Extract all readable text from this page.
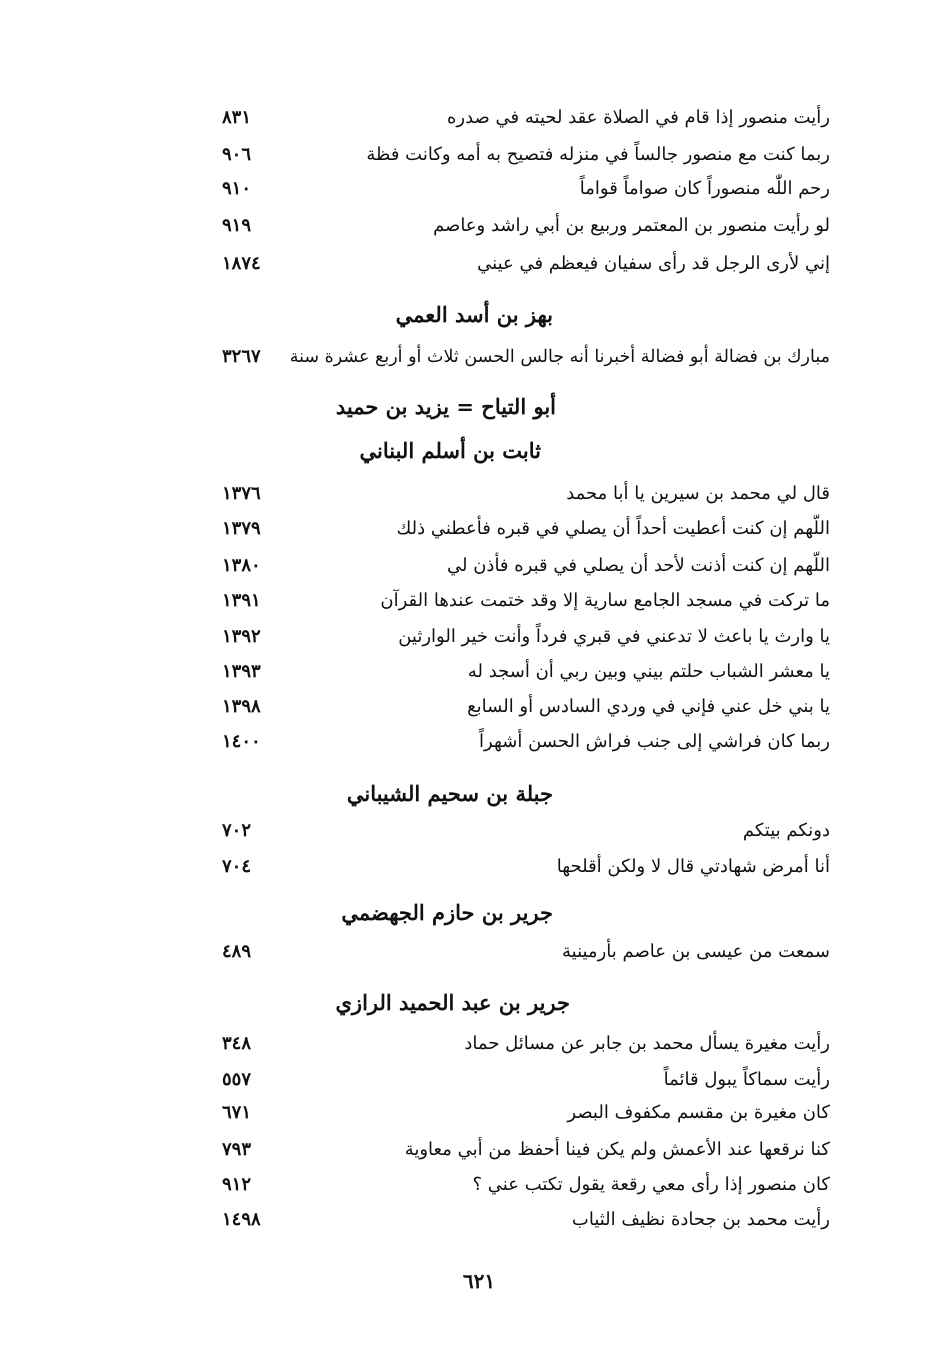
رأيت منصور إذا قام في الصلاة عقد لحيته في صدره
٨٣١
ربما كنت مع منصور جالساً في منزله فتصيح به أمه وكانت فظة
٩٠٦
رحم اللّٰه منصوراً كان صواماً قواماً
٩١٠
لو رأيت منصور بن المعتمر وربيع بن أبي راشد وعاصم
٩١٩
إني لأرى الرجل قد رأى سفيان فيعظم في عيني
١٨٧٤
بهز بن أسد العمي
مبارك بن فضالة أبو فضالة أخبرنا أنه جالس الحسن ثلاث أو أربع عشرة سنة
٣٢٦٧
أبو التياح = يزيد بن حميد
ثابت بن أسلم البناني
قال لي محمد بن سيرين يا أبا محمد
١٣٧٦
اللّهم إن كنت أعطيت أحداً أن يصلي في قبره فأعطني ذلك
١٣٧٩
اللّهم إن كنت أذنت لأحد أن يصلي في قبره فأذن لي
١٣٨٠
ما تركت في مسجد الجامع سارية إلا وقد ختمت عندها القرآن
١٣٩١
يا وارث يا باعث لا تدعني في قبري فرداً وأنت خير الوارثين
١٣٩٢
يا معشر الشباب حلتم بيني وبين ربي أن أسجد له
١٣٩٣
يا بني خل عني فإني في وردي السادس أو السابع
١٣٩٨
ربما كان فراشي إلى جنب فراش الحسن أشهراً
١٤٠٠
جبلة بن سحيم الشيباني
دونكم بيتكم
٧٠٢
أنا أمرض شهادتي قال لا ولكن أقلحها
٧٠٤
جرير بن حازم الجهضمي
سمعت من عيسى بن عاصم بأرمينية
٤٨٩
جرير بن عبد الحميد الرازي
رأيت مغيرة يسأل محمد بن جابر عن مسائل حماد
٣٤٨
رأيت سماكاً يبول قائماً
٥٥٧
كان مغيرة بن مقسم مكفوف البصر
٦٧١
كنا نرقعها عند الأعمش ولم يكن فينا أحفظ من أبي معاوية
٧٩٣
كان منصور إذا رأى معي رقعة يقول تكتب عني ؟
٩١٢
رأيت محمد بن جحادة نظيف الثياب
١٤٩٨
٦٢١
